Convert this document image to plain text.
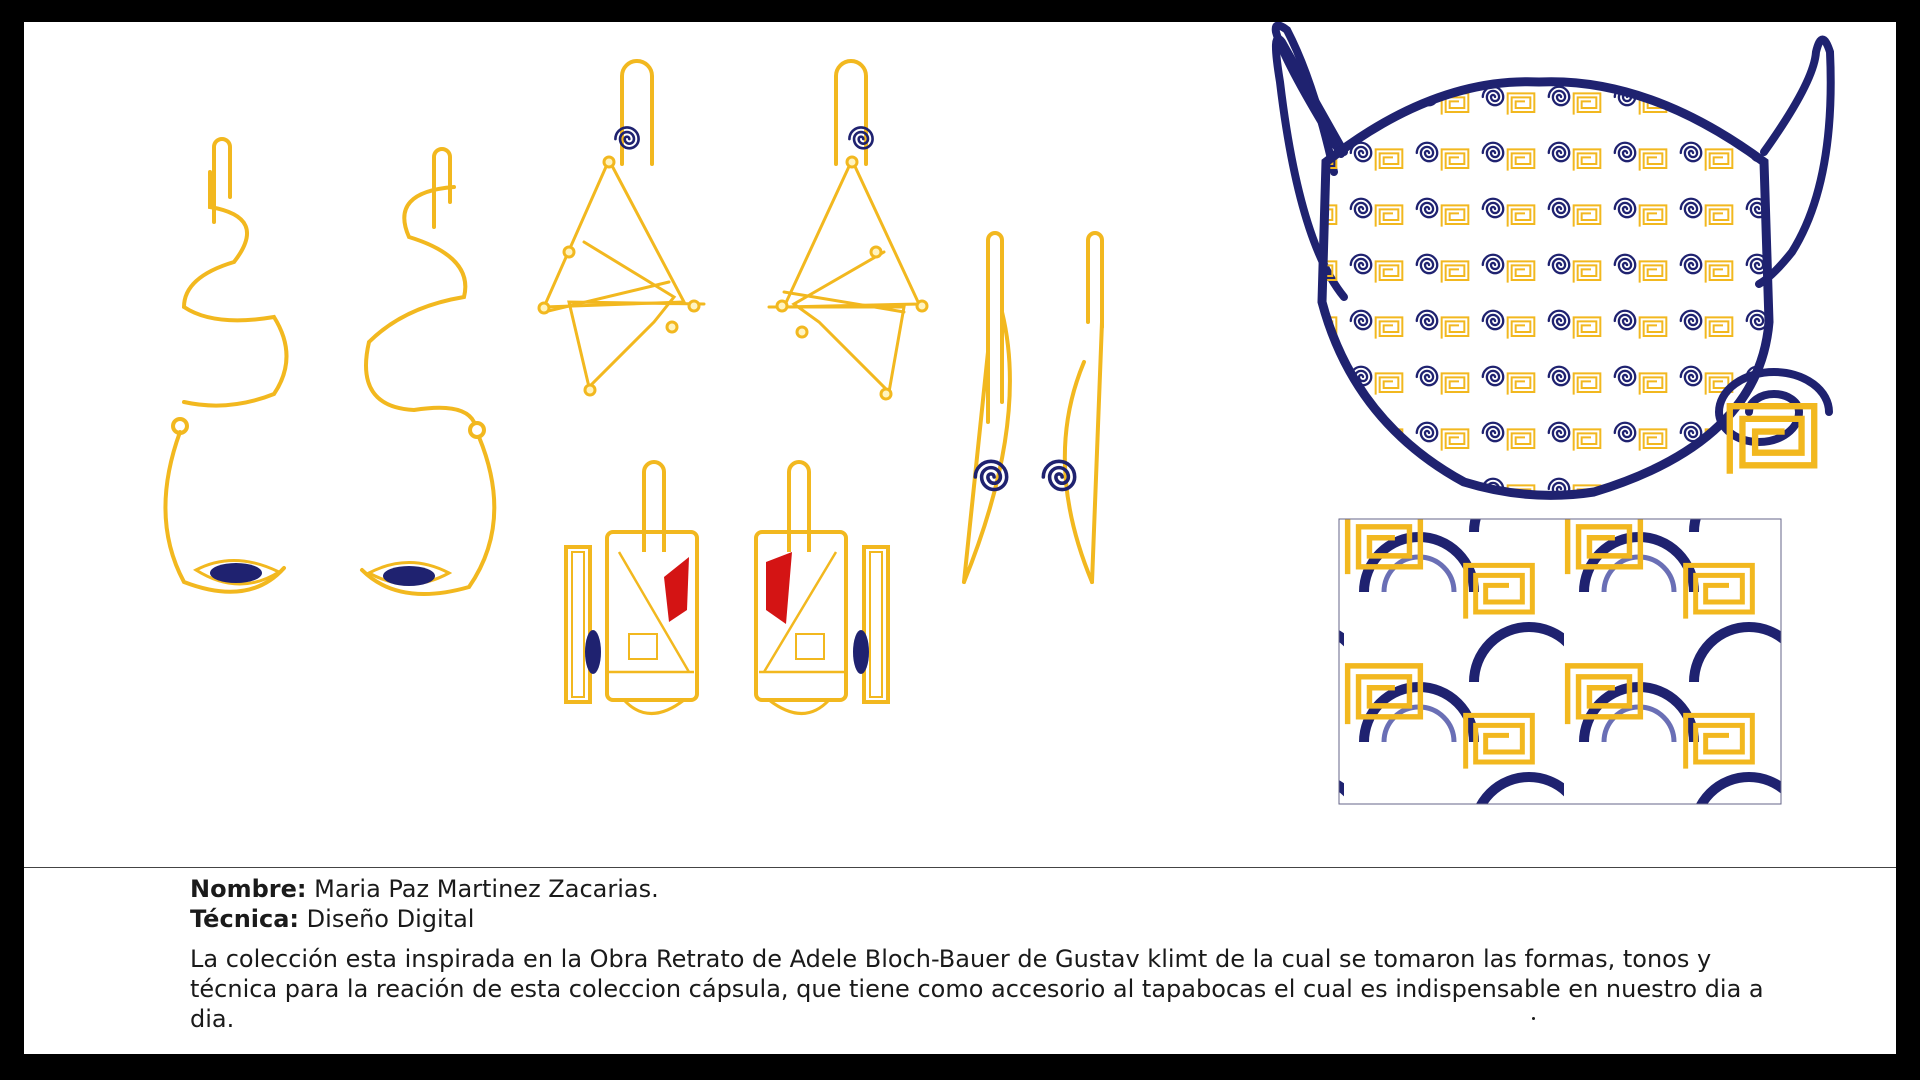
Nombre: Maria Paz Martinez Zacarias.
Técnica: Diseño Digital
La colección esta inspirada en la Obra Retrato de Adele Bloch-Bauer de Gustav klimt de la cual se tomaron las formas, tonos y técnica para la reación de esta coleccion cápsula, que tiene como accesorio al tapabocas el cual es indispensable en nuestro dia a dia.
